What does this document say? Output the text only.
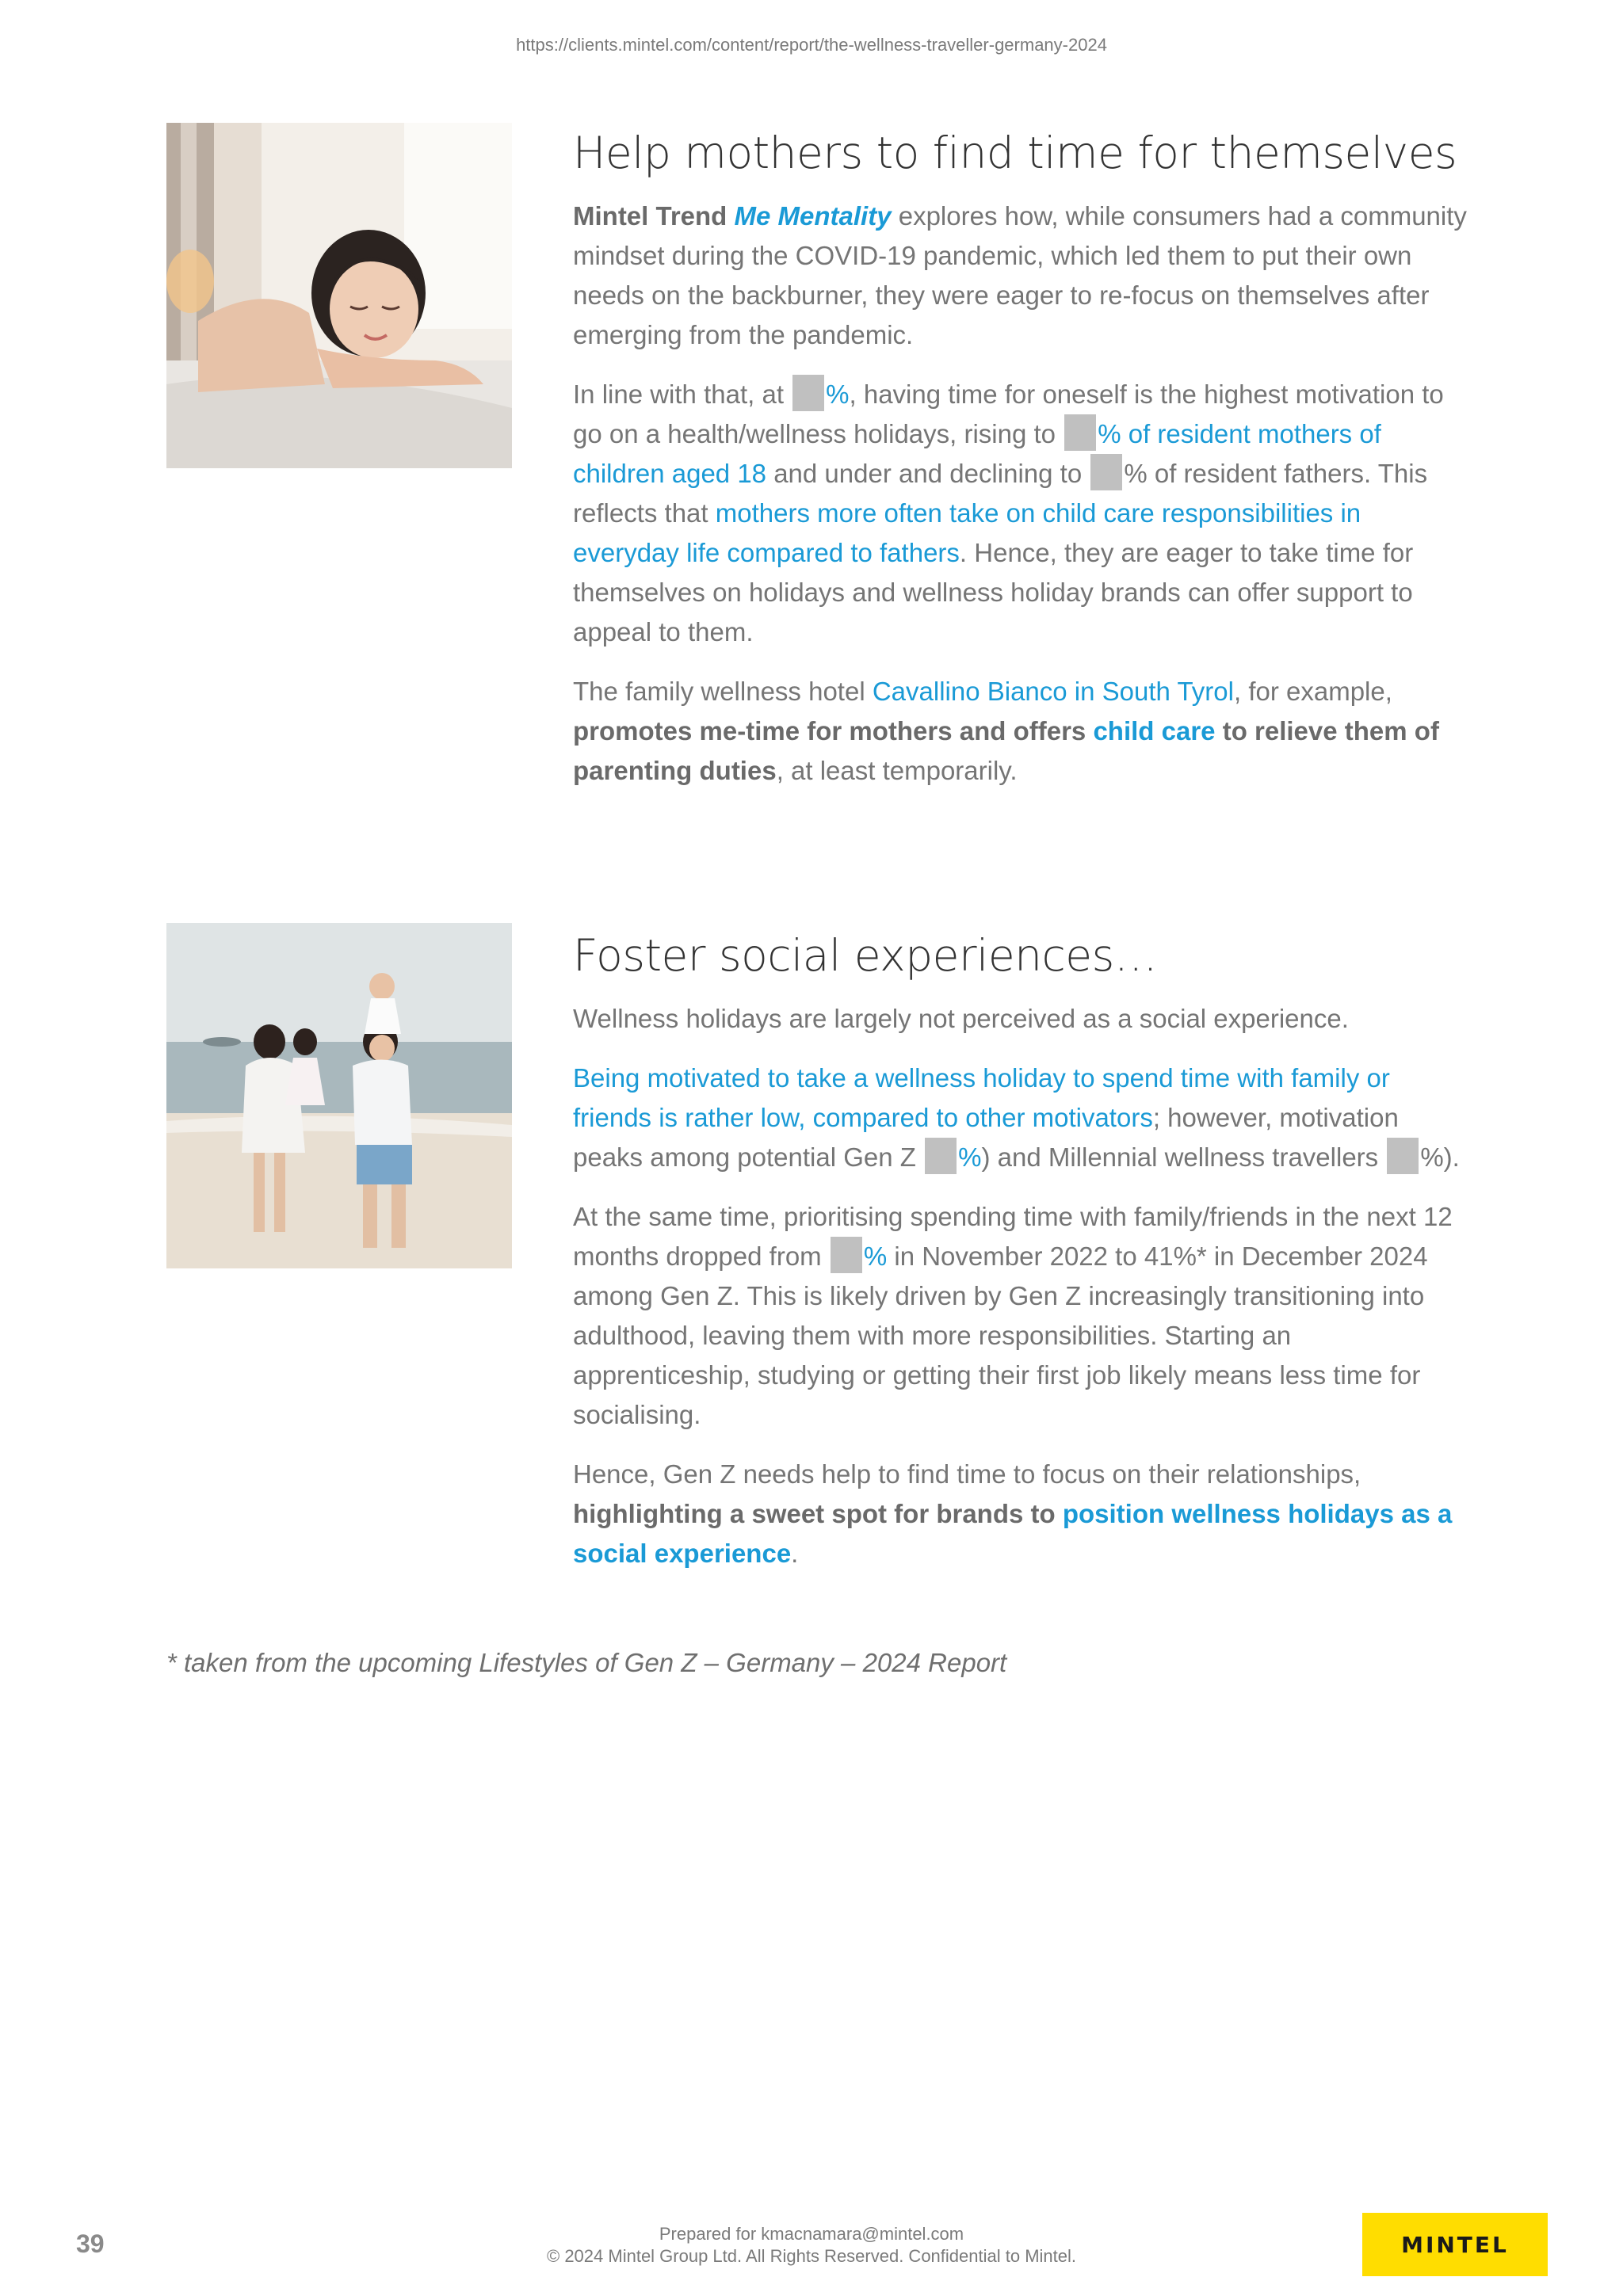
https://clients.mintel.com/content/report/the-wellness-traveller-germany-2024
Help mothers to find time for themselves

Mintel Trend Me Mentality explores how, while consumers had a community mindset during the COVID-19 pandemic, which led them to put their own needs on the backburner, they were eager to re-focus on themselves after emerging from the pandemic.

In line with that, at %, having time for oneself is the highest motivation to go on a health/wellness holidays, rising to % of resident mothers of children aged 18 and under and declining to % of resident fathers. This reflects that mothers more often take on child care responsibilities in everyday life compared to fathers. Hence, they are eager to take time for themselves on holidays and wellness holiday brands can offer support to appeal to them.

The family wellness hotel Cavallino Bianco in South Tyrol, for example, promotes me-time for mothers and offers child care to relieve them of parenting duties, at least temporarily.

Foster social experiences…

Wellness holidays are largely not perceived as a social experience.

Being motivated to take a wellness holiday to spend time with family or friends is rather low, compared to other motivators; however, motivation peaks among potential Gen Z %) and Millennial wellness travellers %).

At the same time, prioritising spending time with family/friends in the next 12 months dropped from % in November 2022 to 41%* in December 2024 among Gen Z. This is likely driven by Gen Z increasingly transitioning into adulthood, leaving them with more responsibilities. Starting an apprenticeship, studying or getting their first job likely means less time for socialising.

Hence, Gen Z needs help to find time to focus on their relationships, highlighting a sweet spot for brands to position wellness holidays as a social experience.

* taken from the upcoming Lifestyles of Gen Z – Germany – 2024 Report
39	Prepared for kmacnamara@mintel.com
© 2024 Mintel Group Ltd. All Rights Reserved. Confidential to Mintel.	MINTEL
